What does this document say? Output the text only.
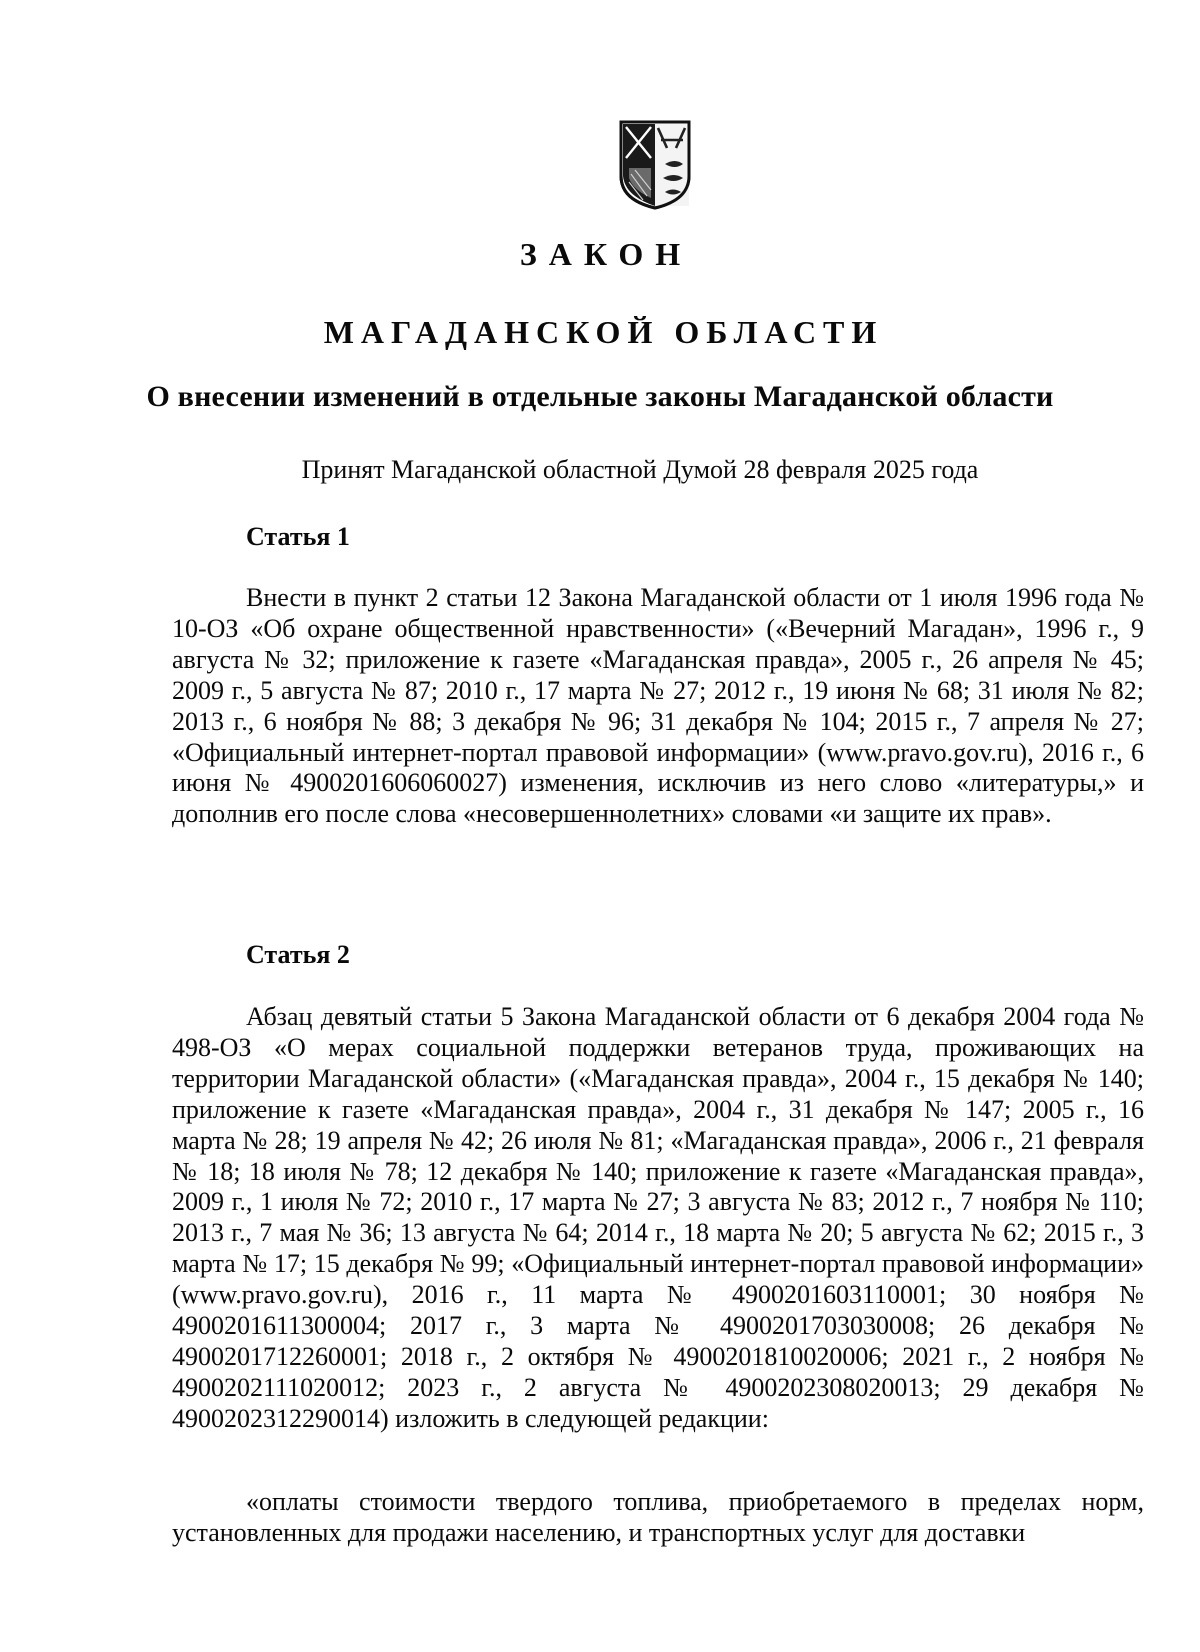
ЗАКОН
МАГАДАНСКОЙ ОБЛАСТИ
О внесении изменений в отдельные законы Магаданской области
Принят Магаданской областной Думой 28 февраля 2025 года
Статья 1

Внести в пункт 2 статьи 12 Закона Магаданской области от 1 июля 1996 года № 10-ОЗ «Об охране общественной нравственности» («Вечерний Магадан», 1996 г., 9 августа № 32; приложение к газете «Магаданская правда», 2005 г., 26 апреля № 45; 2009 г., 5 августа № 87; 2010 г., 17 марта № 27; 2012 г., 19 июня № 68; 31 июля № 82; 2013 г., 6 ноября № 88; 3 декабря № 96; 31 декабря № 104; 2015 г., 7 апреля № 27; «Официальный интернет-портал правовой информации» (www.pravo.gov.ru), 2016 г., 6 июня № 4900201606060027) изменения, исключив из него слово «литературы,» и дополнив его после слова «несовершеннолетних» словами «и защите их прав».

Статья 2

Абзац девятый статьи 5 Закона Магаданской области от 6 декабря 2004 года № 498-ОЗ «О мерах социальной поддержки ветеранов труда, проживающих на территории Магаданской области» («Магаданская правда», 2004 г., 15 декабря № 140; приложение к газете «Магаданская правда», 2004 г., 31 декабря № 147; 2005 г., 16 марта № 28; 19 апреля № 42; 26 июля № 81; «Магаданская правда», 2006 г., 21 февраля № 18; 18 июля № 78; 12 декабря № 140; приложение к газете «Магаданская правда», 2009 г., 1 июля № 72; 2010 г., 17 марта № 27; 3 августа № 83; 2012 г., 7 ноября № 110; 2013 г., 7 мая № 36; 13 августа № 64; 2014 г., 18 марта № 20; 5 августа № 62; 2015 г., 3 марта № 17; 15 декабря № 99; «Официальный интернет-портал правовой информации» (www.pravo.gov.ru), 2016 г., 11 марта № 4900201603110001; 30 ноября № 4900201611300004; 2017 г., 3 марта № 4900201703030008; 26 декабря № 4900201712260001; 2018 г., 2 октября № 4900201810020006; 2021 г., 2 ноября № 4900202111020012; 2023 г., 2 августа № 4900202308020013; 29 декабря № 4900202312290014) изложить в следующей редакции:

«оплаты стоимости твердого топлива, приобретаемого в пределах норм, установленных для продажи населению, и транспортных услуг для доставки
